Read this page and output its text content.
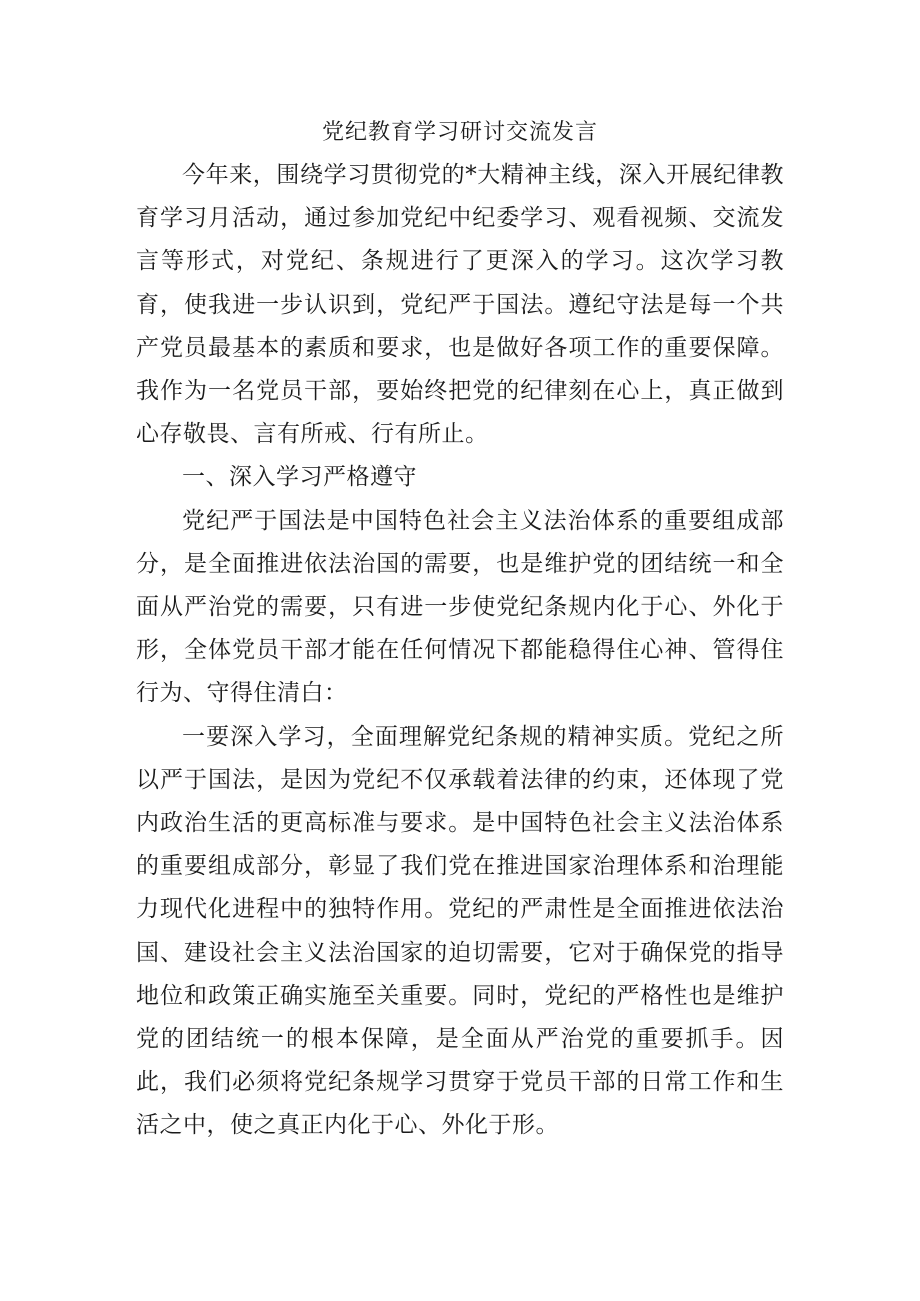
党纪教育学习研讨交流发言

今年来，围绕学习贯彻党的*大精神主线，深入开展纪律教育学习月活动，通过参加党纪中纪委学习、观看视频、交流发言等形式，对党纪、条规进行了更深入的学习。这次学习教育，使我进一步认识到，党纪严于国法。遵纪守法是每一个共产党员最基本的素质和要求，也是做好各项工作的重要保障。我作为一名党员干部，要始终把党的纪律刻在心上，真正做到心存敬畏、言有所戒、行有所止。

一、深入学习严格遵守

党纪严于国法是中国特色社会主义法治体系的重要组成部分，是全面推进依法治国的需要，也是维护党的团结统一和全面从严治党的需要，只有进一步使党纪条规内化于心、外化于形，全体党员干部才能在任何情况下都能稳得住心神、管得住行为、守得住清白：

一要深入学习，全面理解党纪条规的精神实质。党纪之所以严于国法，是因为党纪不仅承载着法律的约束，还体现了党内政治生活的更高标准与要求。是中国特色社会主义法治体系的重要组成部分，彰显了我们党在推进国家治理体系和治理能力现代化进程中的独特作用。党纪的严肃性是全面推进依法治国、建设社会主义法治国家的迫切需要，它对于确保党的指导地位和政策正确实施至关重要。同时，党纪的严格性也是维护党的团结统一的根本保障，是全面从严治党的重要抓手。因此，我们必须将党纪条规学习贯穿于党员干部的日常工作和生活之中，使之真正内化于心、外化于形。
